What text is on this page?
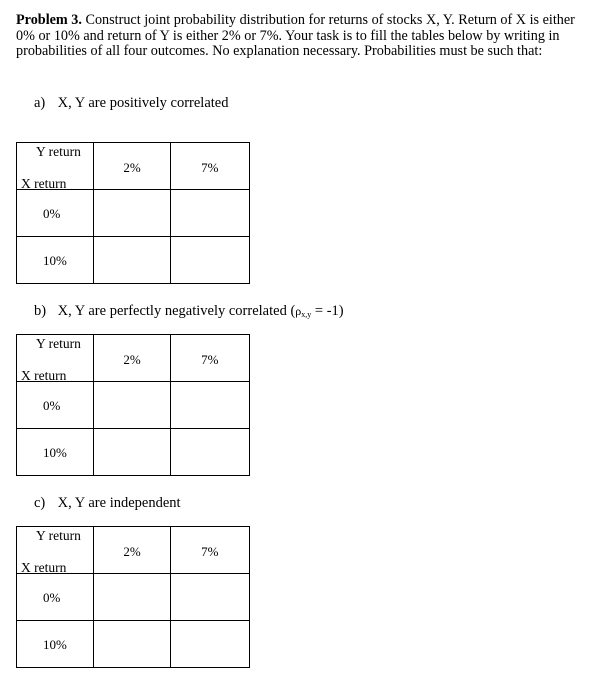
Problem 3. Construct joint probability distribution for returns of stocks X, Y. Return of X is either 0% or 10% and return of Y is either 2% or 7%. Your task is to fill the tables below by writing in probabilities of all four outcomes. No explanation necessary. Probabilities must be such that:
a) X, Y are positively correlated
Y return
X return	2%	7%

0%		

10%		

b) X, Y are perfectly negatively correlated $(\rho_{x,y} = -1)$
Y return
X return	2%	7%

0%		

10%		

c) X, Y are independent
Y return
X return	2%	7%

0%		

10%		
